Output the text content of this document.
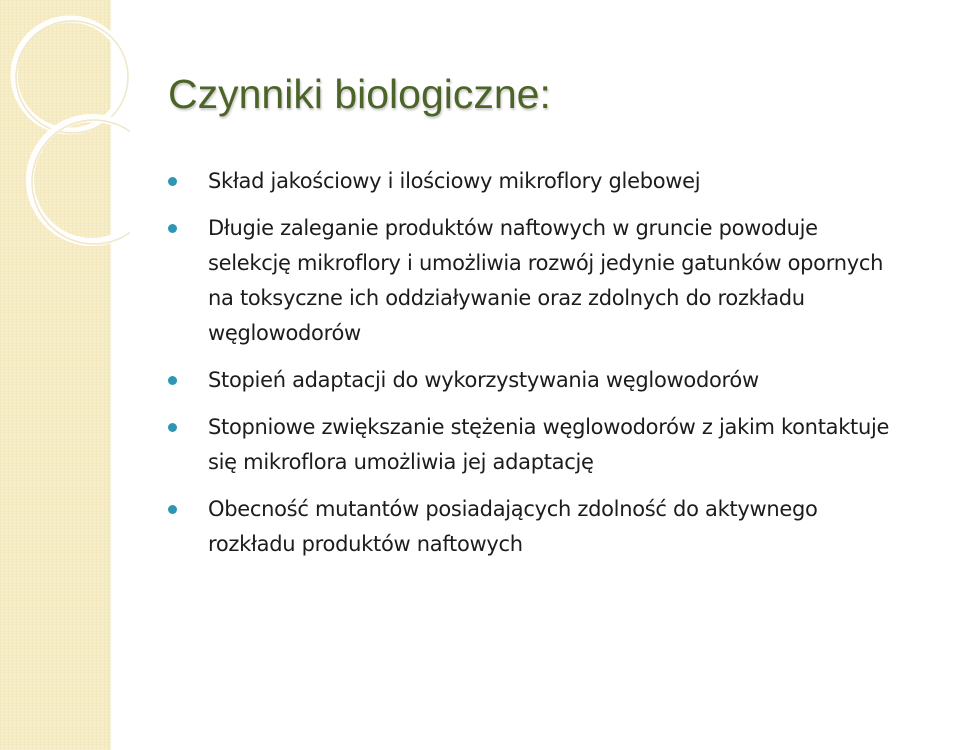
Czynniki biologiczne:
Skład jakościowy i ilościowy mikroflory glebowej
Długie zaleganie produktów naftowych w gruncie powoduje
selekcję mikroflory i umożliwia rozwój jedynie gatunków opornych
na toksyczne ich oddziaływanie oraz zdolnych do rozkładu
węglowodorów
Stopień adaptacji do wykorzystywania węglowodorów
Stopniowe zwiększanie stężenia węglowodorów z jakim kontaktuje
się mikroflora umożliwia jej adaptację
Obecność mutantów posiadających zdolność do aktywnego
rozkładu produktów naftowych
